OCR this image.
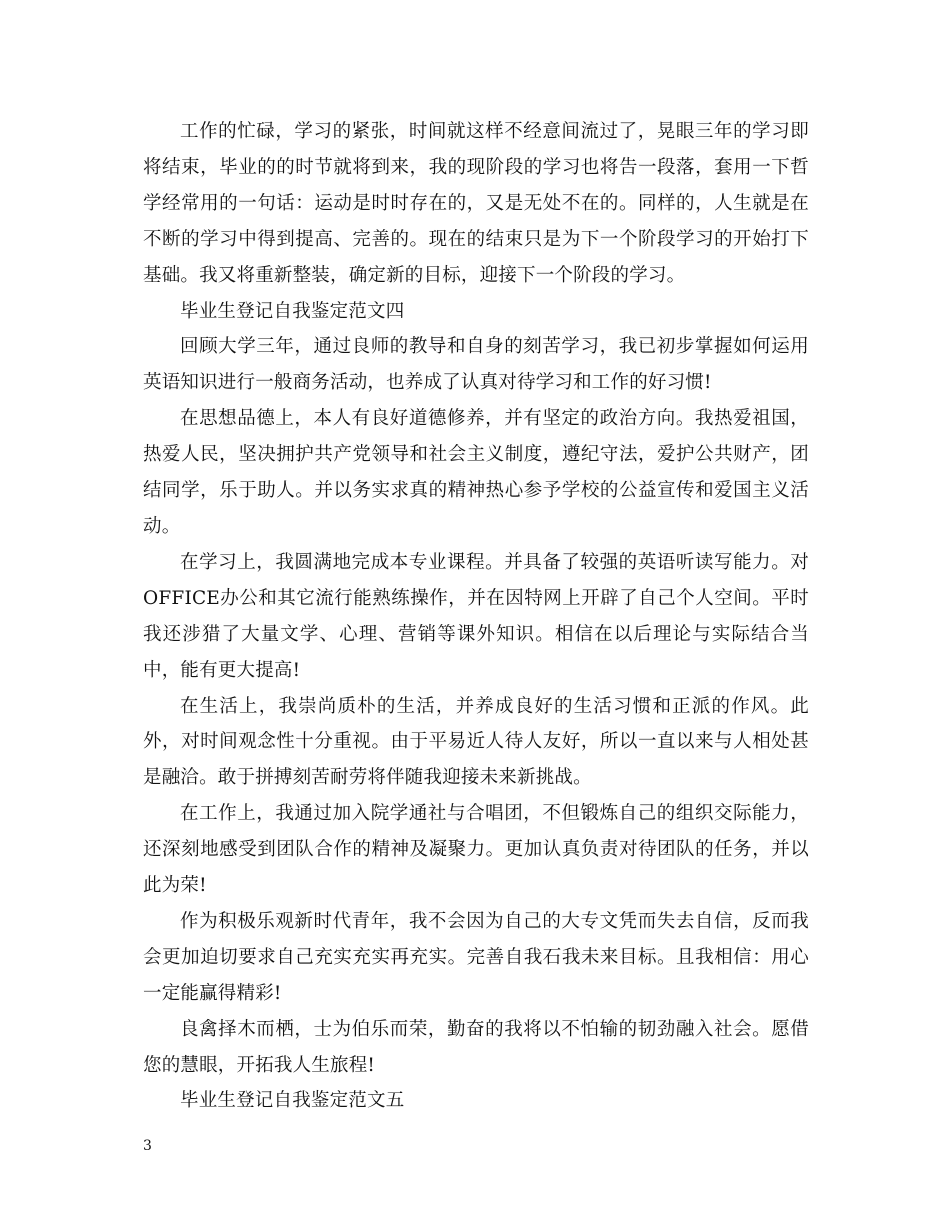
工作的忙碌，学习的紧张，时间就这样不经意间流过了，晃眼三年的学习即将结束，毕业的的时节就将到来，我的现阶段的学习也将告一段落，套用一下哲学经常用的一句话：运动是时时存在的，又是无处不在的。同样的，人生就是在不断的学习中得到提高、完善的。现在的结束只是为下一个阶段学习的开始打下基础。我又将重新整装，确定新的目标，迎接下一个阶段的学习。

毕业生登记自我鉴定范文四

回顾大学三年，通过良师的教导和自身的刻苦学习，我已初步掌握如何运用英语知识进行一般商务活动，也养成了认真对待学习和工作的好习惯!

在思想品德上，本人有良好道德修养，并有坚定的政治方向。我热爱祖国，热爱人民，坚决拥护共产党领导和社会主义制度，遵纪守法，爱护公共财产，团结同学，乐于助人。并以务实求真的精神热心参予学校的公益宣传和爱国主义活动。

在学习上，我圆满地完成本专业课程。并具备了较强的英语听读写能力。对OFFICE办公和其它流行能熟练操作，并在因特网上开辟了自己个人空间。平时我还涉猎了大量文学、心理、营销等课外知识。相信在以后理论与实际结合当中，能有更大提高!

在生活上，我崇尚质朴的生活，并养成良好的生活习惯和正派的作风。此外，对时间观念性十分重视。由于平易近人待人友好，所以一直以来与人相处甚是融洽。敢于拼搏刻苦耐劳将伴随我迎接未来新挑战。

在工作上，我通过加入院学通社与合唱团，不但锻炼自己的组织交际能力，还深刻地感受到团队合作的精神及凝聚力。更加认真负责对待团队的任务，并以此为荣!

作为积极乐观新时代青年，我不会因为自己的大专文凭而失去自信，反而我会更加迫切要求自己充实充实再充实。完善自我石我未来目标。且我相信：用心一定能赢得精彩!

良禽择木而栖，士为伯乐而荣，勤奋的我将以不怕输的韧劲融入社会。愿借您的慧眼，开拓我人生旅程!

毕业生登记自我鉴定范文五

3
